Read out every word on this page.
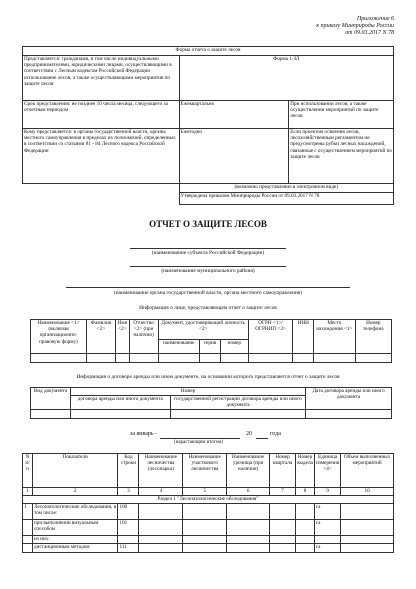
Приложение 6
к приказу Минприроды России
от 09.03.2017 N 78
Форма отчета о защите лесов		
Представляется: гражданами, в том числе индивидуальными предпринимателями, юридическими лицами, осуществляющими в соответствии с Лесным кодексом Российской Федерации использование лесов, а также осуществляющими мероприятия по защите лесов	Форма 1-ЗЛ	
Срок представления: не позднее 10 числа месяца, следующего за отчетным периодом	Ежеквартально	При использовании лесов, а также осуществлении мероприятий по защите лесов
Кому представляется: в органы государственной власти, органы местного самоуправления в пределах их полномочий, определенных в соответствии со статьями 81 - 84 Лесного кодекса Российской Федерации	Ежегодно	Если проектом освоения лесов, лесохозяйственным регламентом не предусмотрены рубки лесных насаждений, связанные с осуществлением мероприятий по защите лесов
	(возможно представление в электронном виде)	
	Утверждена приказом Минприроды России от 09.03.2017 N 78	
ОТЧЕТ О ЗАЩИТЕ ЛЕСОВ
(наименование субъекта Российской Федерации)
(наименование муниципального района)
(наименование органа государственной власти, органа местного самоуправления)
Информация о лице, представляющем отчет о защите лесов
Наименование <1> (включая организационно-правовую форму)	Фамилия <2>	Имя <2>	Отчество <2> (при наличии)	Документ, удостоверяющий личность <2>			ОГРН <1>/ОГРНИП <3>	ИНН	Место нахождения <1>	Номер телефона
				наименование	серия	номер				

Информация о договоре аренды или ином документе, на основании которого представляется отчет о защите лесов
Вид документа	Номер		Дата договора аренды или иного документа
	договора аренды или иного документа	государственной регистрации договора аренды или иного документа	

за январь -	20	года
(нарастающим итогом)
N п/п	Показатели	Код строки	Наименование лесничества (лесопарка)	Наименование участкового лесничества	Наименование урочища (при наличии)	Номер квартала	Номер выдела	Единица измерения <4>	Объем выполненных мероприятий
1	2	3	4	5	6	7	8	9	10
Раздел 1 "Лесопатологические обследования"									
1	Лесопатологические обследования, в том числе:	100						га	
	при выполнении визуальным способом	101						га	
	из них:								
	дистанционным методом	111						га	
